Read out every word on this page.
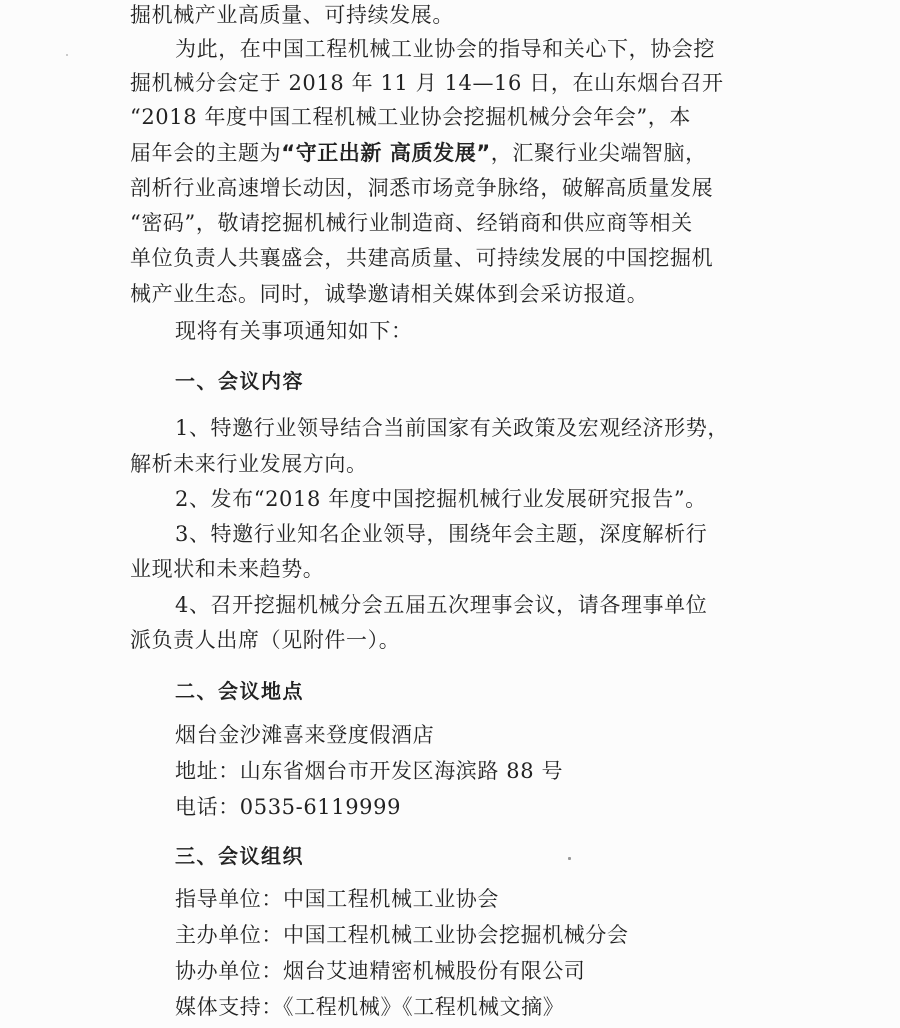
掘机械产业高质量、可持续发展。
为此，在中国工程机械工业协会的指导和关心下，协会挖
掘机械分会定于 2018 年 11 月 14—16 日，在山东烟台召开
“2018 年度中国工程机械工业协会挖掘机械分会年会”，本
届年会的主题为“守正出新 高质发展”，汇聚行业尖端智脑，
剖析行业高速增长动因，洞悉市场竞争脉络，破解高质量发展
“密码”，敬请挖掘机械行业制造商、经销商和供应商等相关
单位负责人共襄盛会，共建高质量、可持续发展的中国挖掘机
械产业生态。同时，诚挚邀请相关媒体到会采访报道。
现将有关事项通知如下：
一、会议内容
1、特邀行业领导结合当前国家有关政策及宏观经济形势，
解析未来行业发展方向。
2、发布“2018 年度中国挖掘机械行业发展研究报告”。
3、特邀行业知名企业领导，围绕年会主题，深度解析行
业现状和未来趋势。
4、召开挖掘机械分会五届五次理事会议，请各理事单位
派负责人出席（见附件一）。
二、会议地点
烟台金沙滩喜来登度假酒店
地址：山东省烟台市开发区海滨路 88 号
电话：0535-6119999
三、会议组织
指导单位：中国工程机械工业协会
主办单位：中国工程机械工业协会挖掘机械分会
协办单位：烟台艾迪精密机械股份有限公司
媒体支持：《工程机械》《工程机械文摘》
